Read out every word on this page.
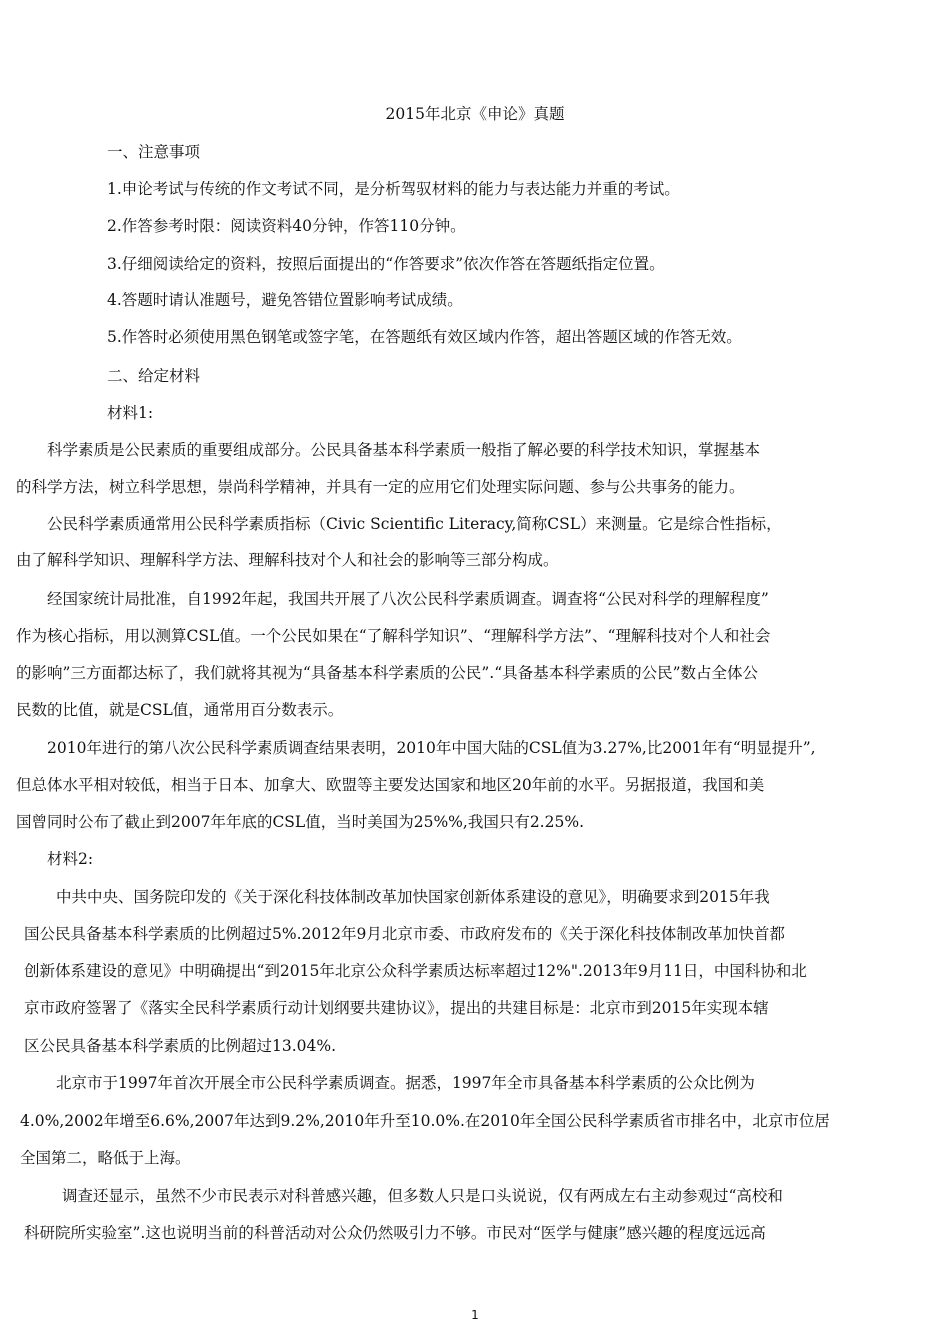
2015年北京《申论》真题

一、注意事项

1.申论考试与传统的作文考试不同，是分析驾驭材料的能力与表达能力并重的考试。

2.作答参考时限：阅读资料40分钟，作答110分钟。

3.仔细阅读给定的资料，按照后面提出的“作答要求”依次作答在答题纸指定位置。

4.答题时请认准题号，避免答错位置影响考试成绩。

5.作答时必须使用黑色钢笔或签字笔，在答题纸有效区域内作答，超出答题区域的作答无效。

二、给定材料

材料1:

科学素质是公民素质的重要组成部分。公民具备基本科学素质一般指了解必要的科学技术知识，掌握基本

的科学方法，树立科学思想，崇尚科学精神，并具有一定的应用它们处理实际问题、参与公共事务的能力。

公民科学素质通常用公民科学素质指标（Civic Scientific Literacy,简称CSL）来测量。它是综合性指标，

由了解科学知识、理解科学方法、理解科技对个人和社会的影响等三部分构成。

经国家统计局批准，自1992年起，我国共开展了八次公民科学素质调查。调查将“公民对科学的理解程度”

作为核心指标，用以测算CSL值。一个公民如果在“了解科学知识”、“理解科学方法”、“理解科技对个人和社会

的影响”三方面都达标了，我们就将其视为“具备基本科学素质的公民”.“具备基本科学素质的公民”数占全体公

民数的比值，就是CSL值，通常用百分数表示。

2010年进行的第八次公民科学素质调查结果表明，2010年中国大陆的CSL值为3.27%,比2001年有“明显提升”,

但总体水平相对较低，相当于日本、加拿大、欧盟等主要发达国家和地区20年前的水平。另据报道，我国和美

国曾同时公布了截止到2007年年底的CSL值，当时美国为25%%,我国只有2.25%.

材料2:

中共中央、国务院印发的《关于深化科技体制改革加快国家创新体系建设的意见》，明确要求到2015年我

国公民具备基本科学素质的比例超过5%.2012年9月北京市委、市政府发布的《关于深化科技体制改革加快首都

创新体系建设的意见》中明确提出“到2015年北京公众科学素质达标率超过12%".2013年9月11日，中国科协和北

京市政府签署了《落实全民科学素质行动计划纲要共建协议》，提出的共建目标是：北京市到2015年实现本辖

区公民具备基本科学素质的比例超过13.04%.

北京市于1997年首次开展全市公民科学素质调查。据悉，1997年全市具备基本科学素质的公众比例为

4.0%,2002年增至6.6%,2007年达到9.2%,2010年升至10.0%.在2010年全国公民科学素质省市排名中，北京市位居

全国第二，略低于上海。

调查还显示，虽然不少市民表示对科普感兴趣，但多数人只是口头说说，仅有两成左右主动参观过“高校和

科研院所实验室”.这也说明当前的科普活动对公众仍然吸引力不够。市民对“医学与健康”感兴趣的程度远远高

1
